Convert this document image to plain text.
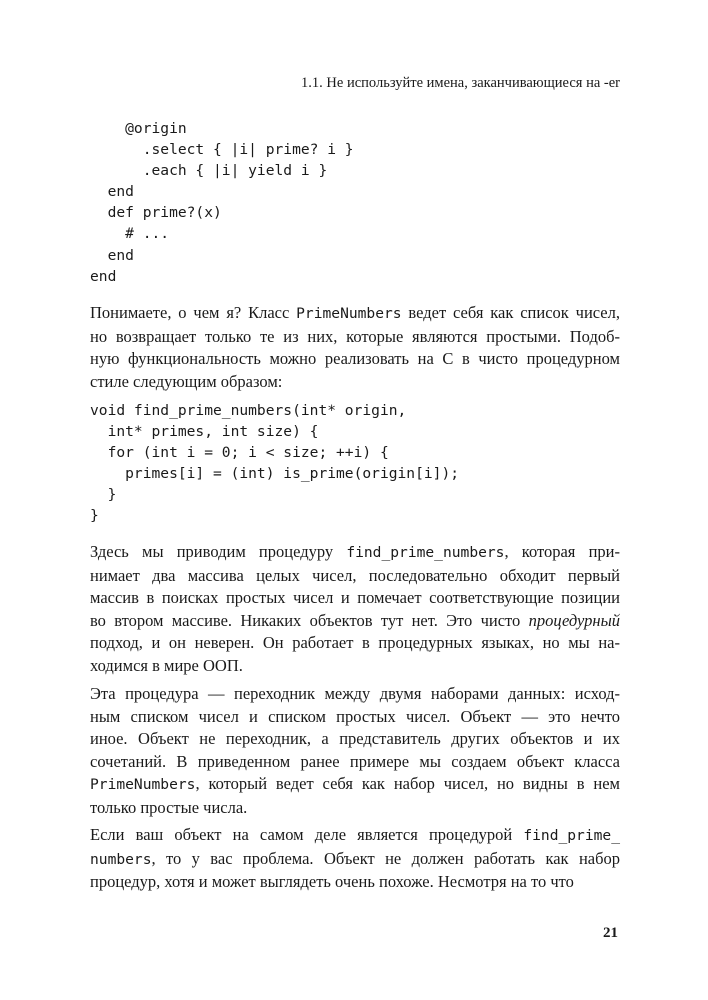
1.1. Не используйте имена, заканчивающиеся на -er
@origin
.select { |i| prime? i }
.each { |i| yield i }
end
def prime?(x)
# ...
end
end
Понимаете, о чем я? Класс PrimeNumbers ведет себя как список чисел,
но возвращает только те из них, которые являются простыми. Подоб-
ную функциональность можно реализовать на C в чисто процедурном
стиле следующим образом:
void find_prime_numbers(int* origin,
int* primes, int size) {
for (int i = 0; i < size; ++i) {
primes[i] = (int) is_prime(origin[i]);
}
}
Здесь мы приводим процедуру find_prime_numbers, которая при-
нимает два массива целых чисел, последовательно обходит первый
массив в поисках простых чисел и помечает соответствующие позиции
во втором массиве. Никаких объектов тут нет. Это чисто процедурный
подход, и он неверен. Он работает в процедурных языках, но мы на-
ходимся в мире ООП.
Эта процедура — переходник между двумя наборами данных: исход-
ным списком чисел и списком простых чисел. Объект — это нечто
иное. Объект не переходник, а представитель других объектов и их
сочетаний. В приведенном ранее примере мы создаем объект класса
PrimeNumbers, который ведет себя как набор чисел, но видны в нем
только простые числа.
Если ваш объект на самом деле является процедурой find_prime_
numbers, то у вас проблема. Объект не должен работать как набор
процедур, хотя и может выглядеть очень похоже. Несмотря на то что
21
